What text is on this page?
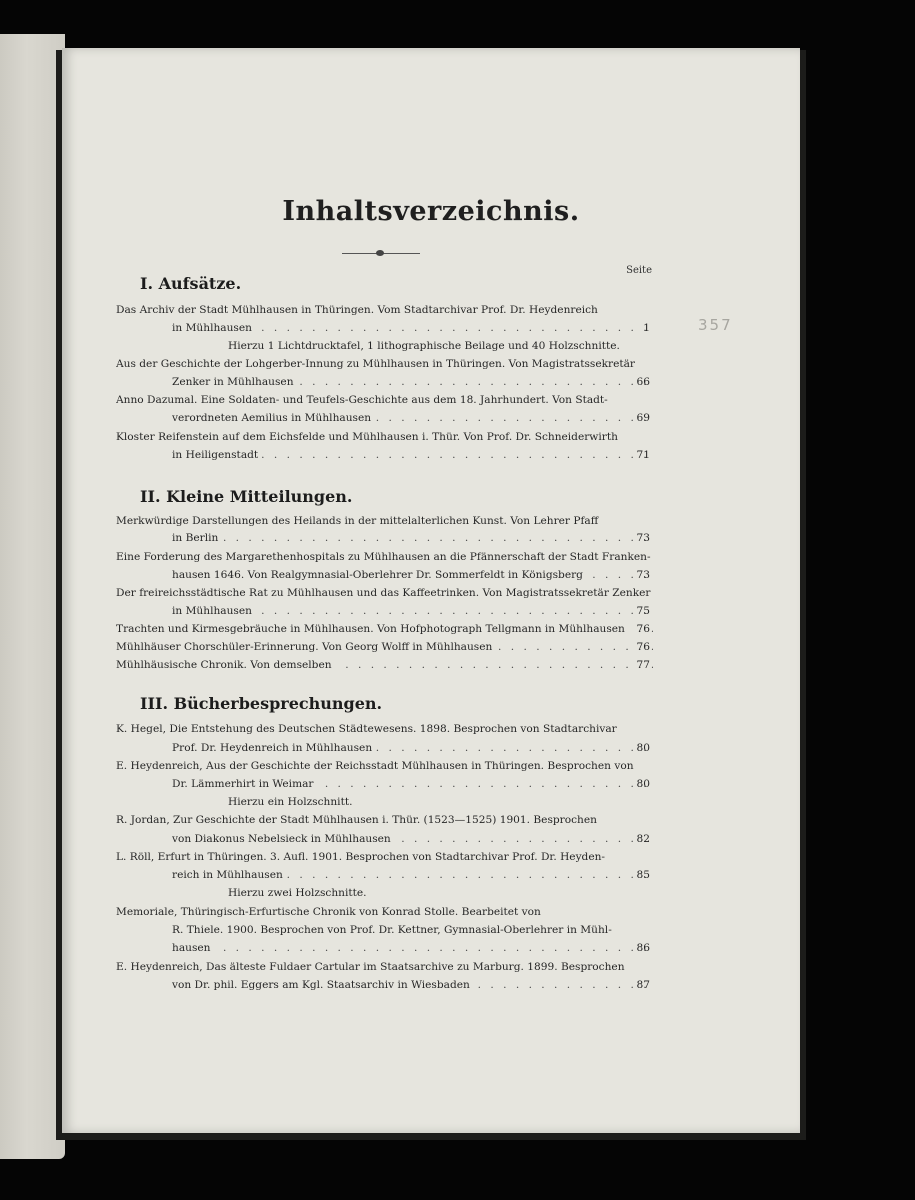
Inhaltsverzeichnis.
Seite
357
I. Aufsätze.
Das Archiv der Stadt Mühlhausen in Thüringen. Vom Stadtarchivar Prof. Dr. Heydenreich
in Mühlhausen . . .	1
Hierzu 1 Lichtdrucktafel, 1 lithographische Beilage und 40 Holzschnitte.
Aus der Geschichte der Lohgerber-Innung zu Mühlhausen in Thüringen. Von Magistratssekretär
Zenker in Mühlhausen . . .	66
Anno Dazumal. Eine Soldaten- und Teufels-Geschichte aus dem 18. Jahrhundert. Von Stadt-
verordneten Aemilius in Mühlhausen . . .	69
Kloster Reifenstein auf dem Eichsfelde und Mühlhausen i. Thür. Von Prof. Dr. Schneiderwirth
in Heiligenstadt . . .	71
II. Kleine Mitteilungen.
Merkwürdige Darstellungen des Heilands in der mittelalterlichen Kunst. Von Lehrer Pfaff
in Berlin . . .	73
Eine Forderung des Margarethenhospitals zu Mühlhausen an die Pfännerschaft der Stadt Franken-
hausen 1646. Von Realgymnasial-Oberlehrer Dr. Sommerfeldt in Königsberg . . .	73
Der freireichsstädtische Rat zu Mühlhausen und das Kaffeetrinken. Von Magistratssekretär Zenker
in Mühlhausen . . .	75
Trachten und Kirmesgebräuche in Mühlhausen. Von Hofphotograph Tellgmann in Mühlhausen . . .	76
Mühlhäuser Chorschüler-Erinnerung. Von Georg Wolff in Mühlhausen . . .	76
Mühlhäusische Chronik. Von demselben . . .	77
III. Bücherbesprechungen.
K. Hegel, Die Entstehung des Deutschen Städtewesens. 1898. Besprochen von Stadtarchivar
Prof. Dr. Heydenreich in Mühlhausen . . .	80
E. Heydenreich, Aus der Geschichte der Reichsstadt Mühlhausen in Thüringen. Besprochen von
Dr. Lämmerhirt in Weimar . . .	80
Hierzu ein Holzschnitt.
R. Jordan, Zur Geschichte der Stadt Mühlhausen i. Thür. (1523—1525) 1901. Besprochen
von Diakonus Nebelsieck in Mühlhausen . . .	82
L. Röll, Erfurt in Thüringen. 3. Aufl. 1901. Besprochen von Stadtarchivar Prof. Dr. Heyden-
reich in Mühlhausen . . .	85
Hierzu zwei Holzschnitte.
Memoriale, Thüringisch-Erfurtische Chronik von Konrad Stolle. Bearbeitet von
R. Thiele. 1900. Besprochen von Prof. Dr. Kettner, Gymnasial-Oberlehrer in Mühl-
hausen . . .	86
E. Heydenreich, Das älteste Fuldaer Cartular im Staatsarchive zu Marburg. 1899. Besprochen
von Dr. phil. Eggers am Kgl. Staatsarchiv in Wiesbaden . . .	87
